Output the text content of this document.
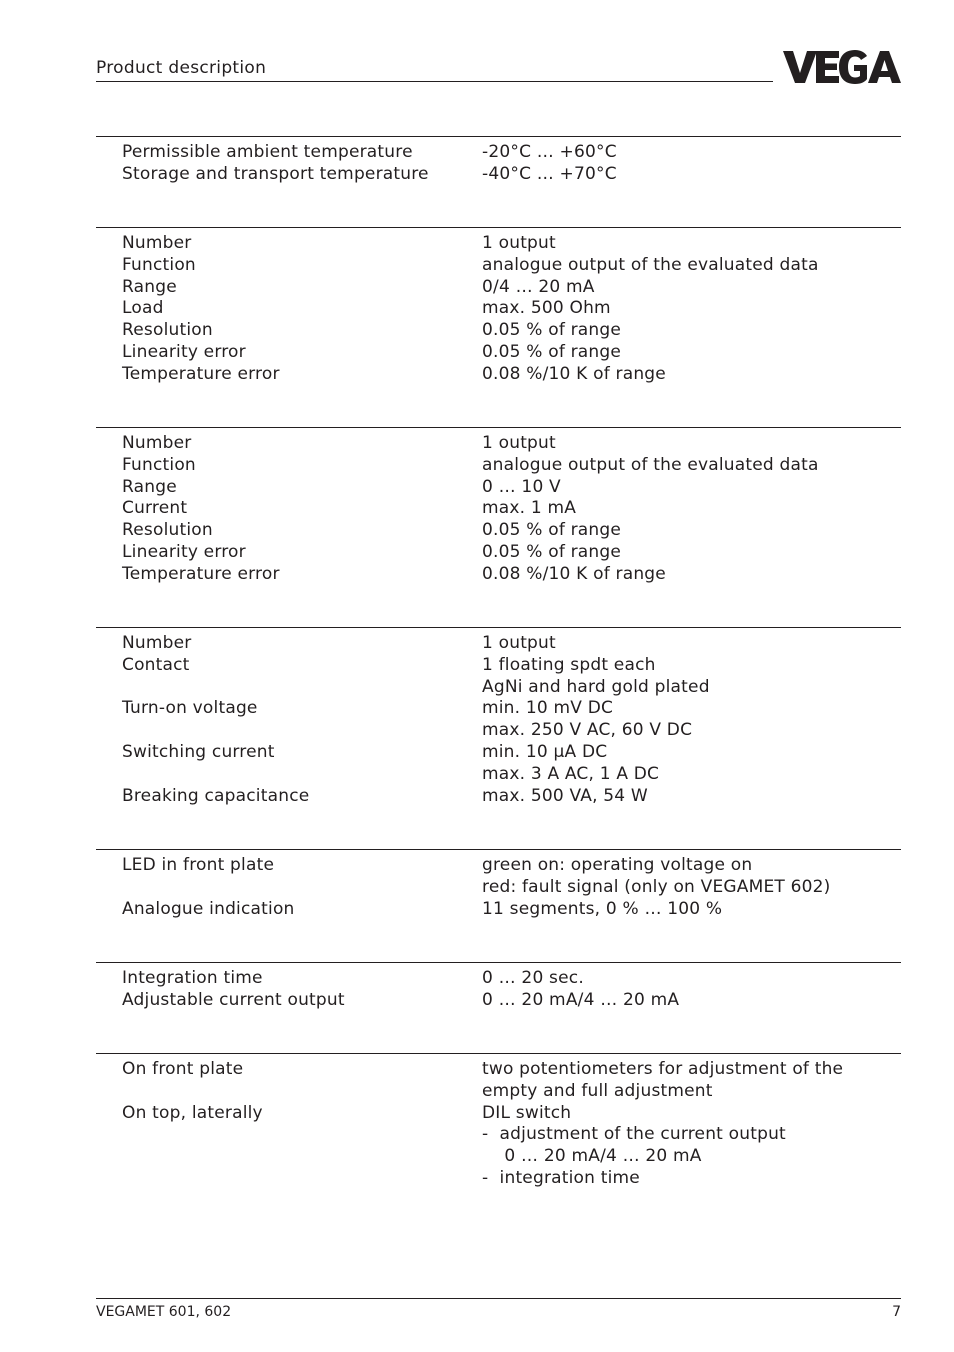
Product description
Permissible ambient temperature	-20°C … +60°C
Storage and transport temperature	-40°C … +70°C
Number	1 output
Function	analogue output of the evaluated data
Range	0/4 … 20 mA
Load	max. 500 Ohm
Resolution	0.05 % of range
Linearity error	0.05 % of range
Temperature error	0.08 %/10 K of range
Number	1 output
Function	analogue output of the evaluated data
Range	0 … 10 V
Current	max. 1 mA
Resolution	0.05 % of range
Linearity error	0.05 % of range
Temperature error	0.08 %/10 K of range
Number	1 output
Contact	1 floating spdt each
AgNi and hard gold plated
Turn-on voltage	min. 10 mV DC
max. 250 V AC, 60 V DC
Switching current	min. 10 µA DC
max. 3 A AC, 1 A DC
Breaking capacitance	max. 500 VA, 54 W
LED in front plate	green on: operating voltage on
red: fault signal (only on VEGAMET 602)
Analogue indication	11 segments, 0 % … 100 %
Integration time	0 … 20 sec.
Adjustable current output	0 … 20 mA/4 … 20 mA
On front plate	two potentiometers for adjustment of the
empty and full adjustment
On top, laterally	DIL switch
-  adjustment of the current output
0 … 20 mA/4 … 20 mA
-  integration time
VEGAMET 601, 602	7
